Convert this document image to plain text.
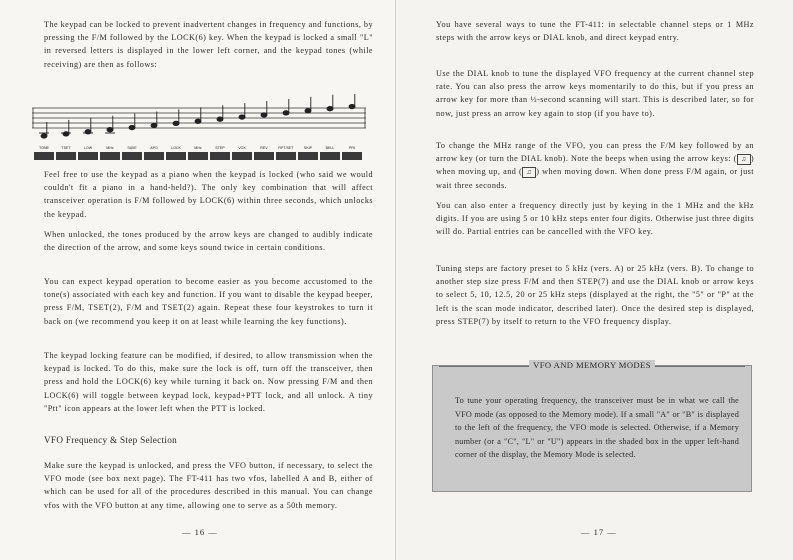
The keypad can be locked to prevent inadvertent changes in frequency and functions, by pressing the F/M followed by the LOCK(6) key. When the keypad is locked a small "L" in reversed letters is displayed in the lower left corner, and the keypad tones (while receiving) are then as follows:

TONE	TSET	LOW	MHz	SAVE	APO	LOCK	MHz	STEP	VOX	REV	RPT/SET	SKIP	BELL	PRI

Feel free to use the keypad as a piano when the keypad is locked (who said we would couldn't fit a piano in a hand-held?). The only key combination that will affect transceiver operation is F/M followed by LOCK(6) within three seconds, which unlocks the keypad.

When unlocked, the tones produced by the arrow keys are changed to audibly indicate the direction of the arrow, and some keys sound twice in certain conditions.

You can expect keypad operation to become easier as you become accustomed to the tone(s) associated with each key and function. If you want to disable the keypad beeper, press F/M, TSET(2), F/M and TSET(2) again. Repeat these four keystrokes to turn it back on (we recommend you keep it on at least while learning the key functions).

The keypad locking feature can be modified, if desired, to allow transmission when the keypad is locked. To do this, make sure the lock is off, turn off the transceiver, then press and hold the LOCK(6) key while turning it back on. Now pressing F/M and then LOCK(6) will toggle between keypad lock, keypad+PTT lock, and all unlock. A tiny "Ptt" icon appears at the lower left when the PTT is locked.

VFO Frequency & Step Selection

Make sure the keypad is unlocked, and press the VFO button, if necessary, to select the VFO mode (see box next page). The FT-411 has two vfos, labelled A and B, either of which can be used for all of the procedures described in this manual. You can change vfos with the VFO button at any time, allowing one to serve as a 50th memory.

— 16 —

You have several ways to tune the FT-411: in selectable channel steps or 1 MHz steps with the arrow keys or DIAL knob, and direct keypad entry.

Use the DIAL knob to tune the displayed VFO frequency at the current channel step rate. You can also press the arrow keys momentarily to do this, but if you press an arrow key for more than ½-second scanning will start. This is described later, so for now, just press an arrow key again to stop (if you have to).

To change the MHz range of the VFO, you can press the F/M key followed by an arrow key (or turn the DIAL knob). Note the beeps when using the arrow keys: ( ♫ ) when moving up, and ( ♫ ) when moving down. When done press F/M again, or just wait three seconds.

You can also enter a frequency directly just by keying in the 1 MHz and the kHz digits. If you are using 5 or 10 kHz steps enter four digits. Otherwise just three digits will do. Partial entries can be cancelled with the VFO key.

Tuning steps are factory preset to 5 kHz (vers. A) or 25 kHz (vers. B). To change to another step size press F/M and then STEP(7) and use the DIAL knob or arrow keys to select 5, 10, 12.5, 20 or 25 kHz steps (displayed at the right, the "5" or "P" at the left is the scan mode indicator, described later). Once the desired step is displayed, press STEP(7) by itself to return to the VFO frequency display.

VFO AND MEMORY MODES

To tune your operating frequency, the transceiver must be in what we call the VFO mode (as opposed to the Memory mode). If a small "A" or "B" is displayed to the left of the frequency, the VFO mode is selected. Otherwise, if a Memory number (or a "C", "L" or "U") appears in the shaded box in the upper left-hand corner of the display, the Memory Mode is selected.

— 17 —
